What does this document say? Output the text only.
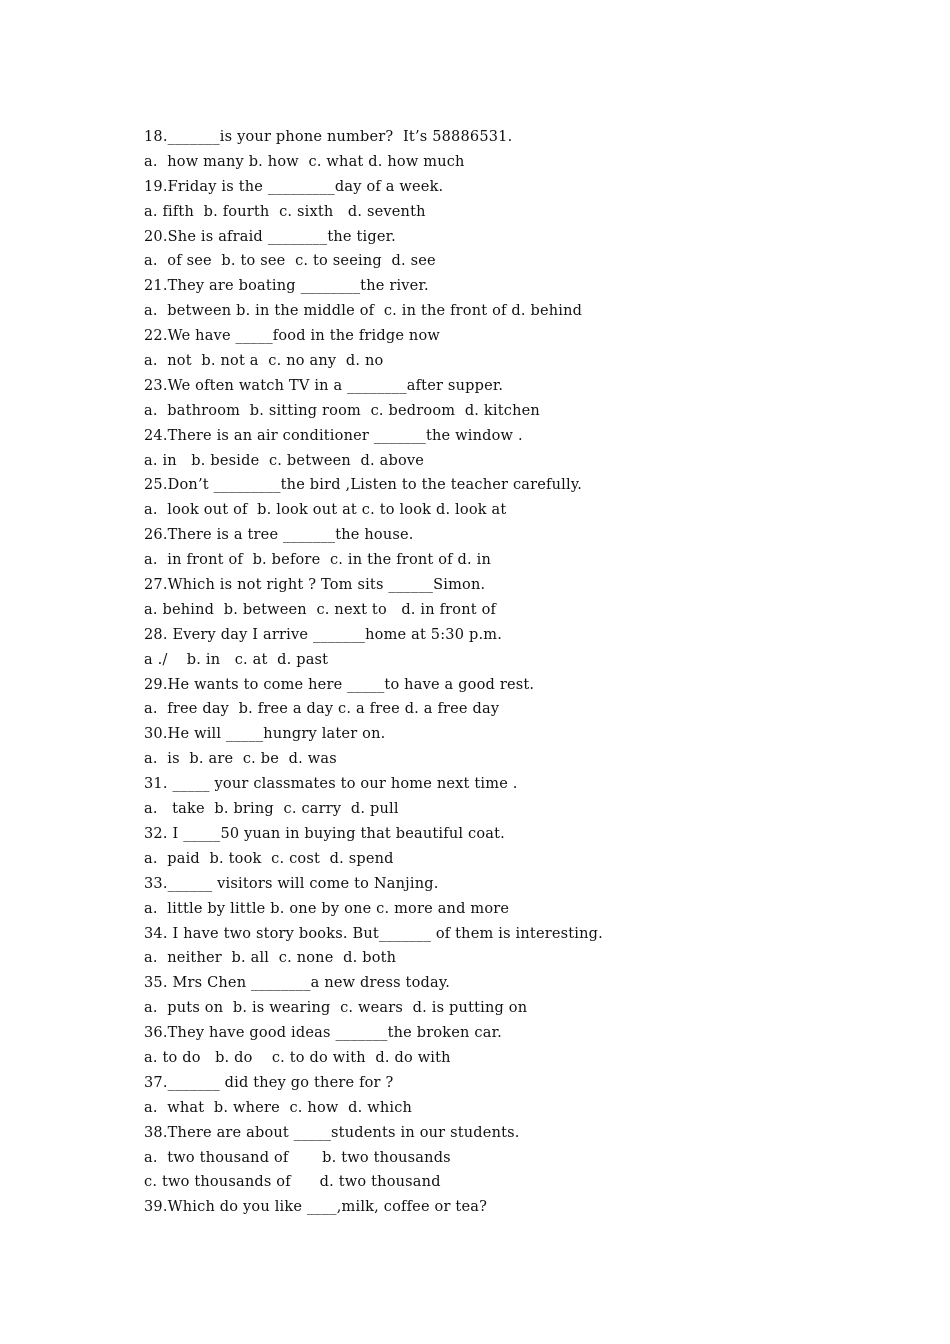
18._______is your phone number?  It’s 58886531.
a.  how many b. how  c. what d. how much
19.Friday is the _________day of a week.
a. fifth  b. fourth  c. sixth   d. seventh
20.She is afraid ________the tiger.
a.  of see  b. to see  c. to seeing  d. see
21.They are boating ________the river.
a.  between b. in the middle of  c. in the front of d. behind
22.We have _____food in the fridge now
a.  not  b. not a  c. no any  d. no
23.We often watch TV in a ________after supper.
a.  bathroom  b. sitting room  c. bedroom  d. kitchen
24.There is an air conditioner _______the window .
a. in   b. beside  c. between  d. above
25.Don’t _________the bird ,Listen to the teacher carefully.
a.  look out of  b. look out at c. to look d. look at
26.There is a tree _______the house.
a.  in front of  b. before  c. in the front of d. in
27.Which is not right ? Tom sits ______Simon.
a. behind  b. between  c. next to   d. in front of
28. Every day I arrive _______home at 5:30 p.m.
a ./    b. in   c. at  d. past
29.He wants to come here _____to have a good rest.
a.  free day  b. free a day c. a free d. a free day
30.He will _____hungry later on.
a.  is  b. are  c. be  d. was
31. _____ your classmates to our home next time .
a.   take  b. bring  c. carry  d. pull
32. I _____50 yuan in buying that beautiful coat.
a.  paid  b. took  c. cost  d. spend
33.______ visitors will come to Nanjing.
a.  little by little b. one by one c. more and more
34. I have two story books. But_______ of them is interesting.
a.  neither  b. all  c. none  d. both
35. Mrs Chen ________a new dress today.
a.  puts on  b. is wearing  c. wears  d. is putting on
36.They have good ideas _______the broken car.
a. to do   b. do    c. to do with  d. do with
37._______ did they go there for ?
a.  what  b. where  c. how  d. which
38.There are about _____students in our students.
a.  two thousand of       b. two thousands
c. two thousands of      d. two thousand
39.Which do you like ____,milk, coffee or tea?
